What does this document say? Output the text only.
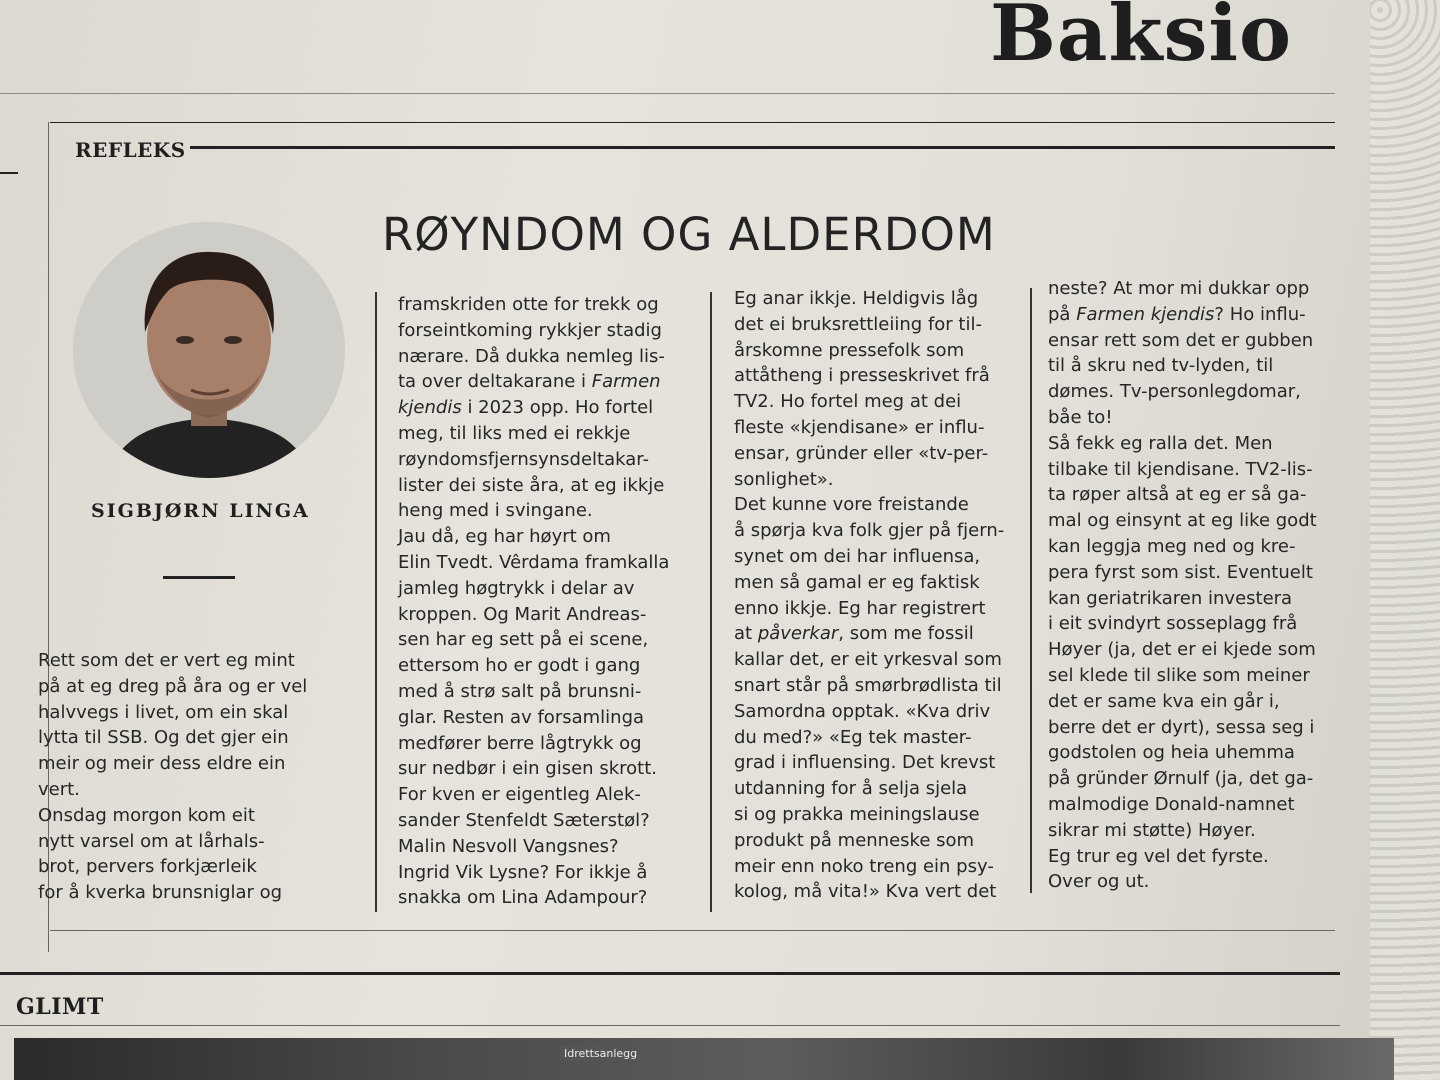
Baksio
REFLEKS
RØYNDOM OG ALDERDOM
SIGBJØRN LINGA
Rett som det er vert eg mint
på at eg dreg på åra og er vel
halvvegs i livet, om ein skal
lytta til SSB. Og det gjer ein
meir og meir dess eldre ein
vert.
Onsdag morgon kom eit
nytt varsel om at lårhals-
brot, pervers forkjærleik
for å kverka brunsniglar og
framskriden otte for trekk og
forseintkoming rykkjer stadig
nærare. Då dukka nemleg lis-
ta over deltakarane i Farmen
kjendis i 2023 opp. Ho fortel
meg, til liks med ei rekkje
røyndomsfjernsynsdeltakar-
lister dei siste åra, at eg ikkje
heng med i svingane.
Jau då, eg har høyrt om
Elin Tvedt. Vêrdama framkalla
jamleg høgtrykk i delar av
kroppen. Og Marit Andreas-
sen har eg sett på ei scene,
ettersom ho er godt i gang
med å strø salt på brunsni-
glar. Resten av forsamlinga
medfører berre lågtrykk og
sur nedbør i ein gisen skrott.
For kven er eigentleg Alek-
sander Stenfeldt Sæterstøl?
Malin Nesvoll Vangsnes?
Ingrid Vik Lysne? For ikkje å
snakka om Lina Adampour?
Eg anar ikkje. Heldigvis låg
det ei bruksrettleiing for til-
årskomne pressefolk som
attåtheng i presseskrivet frå
TV2. Ho fortel meg at dei
fleste «kjendisane» er influ-
ensar, gründer eller «tv-per-
sonlighet».
Det kunne vore freistande
å spørja kva folk gjer på fjern-
synet om dei har influensa,
men så gamal er eg faktisk
enno ikkje. Eg har registrert
at påverkar, som me fossil
kallar det, er eit yrkesval som
snart står på smørbrødlista til
Samordna opptak. «Kva driv
du med?» «Eg tek master-
grad i influensing. Det krevst
utdanning for å selja sjela
si og prakka meiningslause
produkt på menneske som
meir enn noko treng ein psy-
kolog, må vita!» Kva vert det
neste? At mor mi dukkar opp
på Farmen kjendis? Ho influ-
ensar rett som det er gubben
til å skru ned tv-lyden, til
dømes. Tv-personlegdomar,
båe to!
Så fekk eg ralla det. Men
tilbake til kjendisane. TV2-lis-
ta røper altså at eg er så ga-
mal og einsynt at eg like godt
kan leggja meg ned og kre-
pera fyrst som sist. Eventuelt
kan geriatrikaren investera
i eit svindyrt sosseplagg frå
Høyer (ja, det er ei kjede som
sel klede til slike som meiner
det er same kva ein går i,
berre det er dyrt), sessa seg i
godstolen og heia uhemma
på gründer Ørnulf (ja, det ga-
malmodige Donald-namnet
sikrar mi støtte) Høyer.
Eg trur eg vel det fyrste.
Over og ut.
GLIMT
Idrettsanlegg
